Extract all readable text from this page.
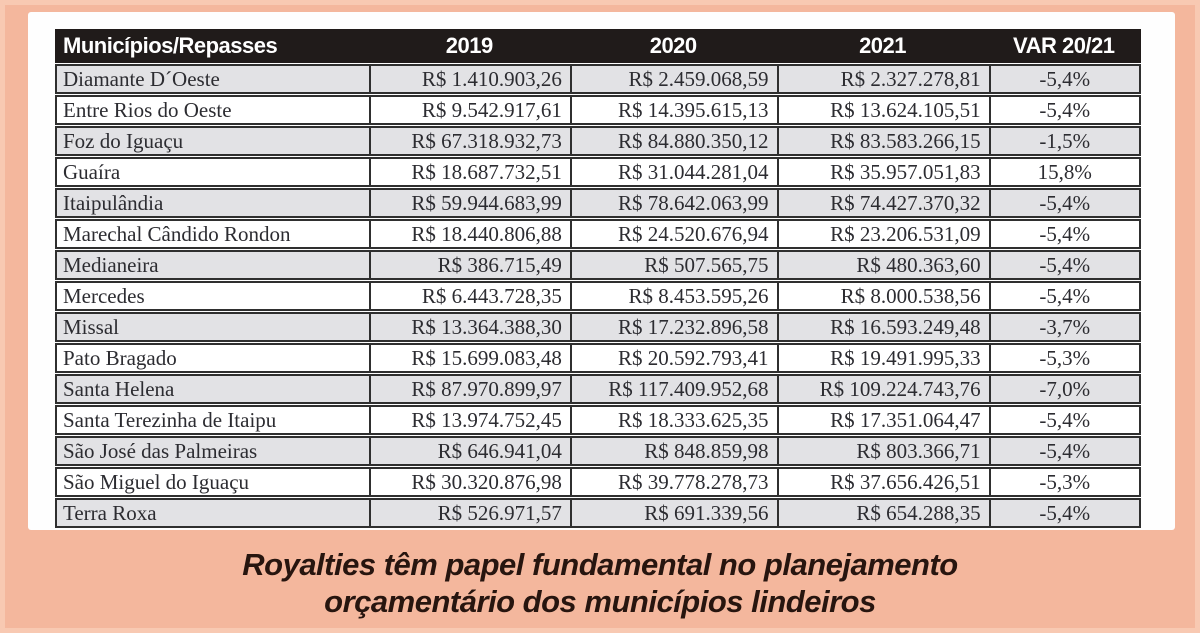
Municípios/Repasses	2019	2020	2021	VAR 20/21
Diamante D´Oeste	R$ 1.410.903,26	R$ 2.459.068,59	R$ 2.327.278,81	-5,4%
Entre Rios do Oeste	R$ 9.542.917,61	R$ 14.395.615,13	R$ 13.624.105,51	-5,4%
Foz do Iguaçu	R$ 67.318.932,73	R$ 84.880.350,12	R$ 83.583.266,15	-1,5%
Guaíra	R$ 18.687.732,51	R$ 31.044.281,04	R$ 35.957.051,83	15,8%
Itaipulândia	R$ 59.944.683,99	R$ 78.642.063,99	R$ 74.427.370,32	-5,4%
Marechal Cândido Rondon	R$ 18.440.806,88	R$ 24.520.676,94	R$ 23.206.531,09	-5,4%
Medianeira	R$ 386.715,49	R$ 507.565,75	R$ 480.363,60	-5,4%
Mercedes	R$ 6.443.728,35	R$ 8.453.595,26	R$ 8.000.538,56	-5,4%
Missal	R$ 13.364.388,30	R$ 17.232.896,58	R$ 16.593.249,48	-3,7%
Pato Bragado	R$ 15.699.083,48	R$ 20.592.793,41	R$ 19.491.995,33	-5,3%
Santa Helena	R$ 87.970.899,97	R$ 117.409.952,68	R$ 109.224.743,76	-7,0%
Santa Terezinha de Itaipu	R$ 13.974.752,45	R$ 18.333.625,35	R$ 17.351.064,47	-5,4%
São José das Palmeiras	R$ 646.941,04	R$ 848.859,98	R$ 803.366,71	-5,4%
São Miguel do Iguaçu	R$ 30.320.876,98	R$ 39.778.278,73	R$ 37.656.426,51	-5,3%
Terra Roxa	R$ 526.971,57	R$ 691.339,56	R$ 654.288,35	-5,4%
Royalties têm papel fundamental no planejamento
orçamentário dos municípios lindeiros
